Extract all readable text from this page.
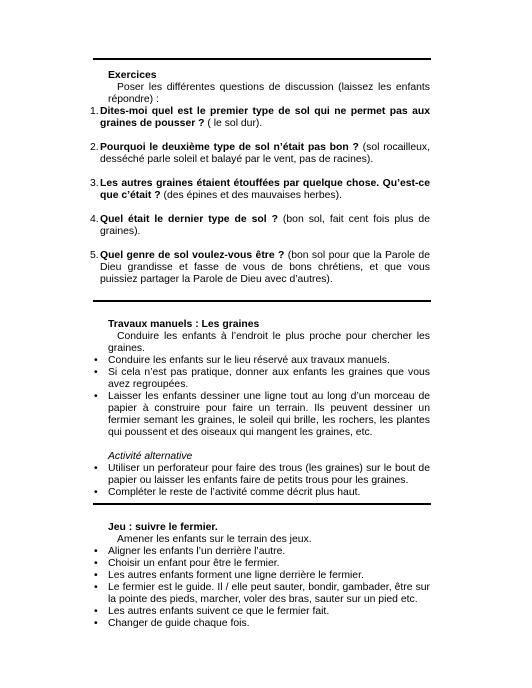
Exercices
Poser les différentes questions de discussion (laissez les enfants répondre) :
1. Dites-moi quel est le premier type de sol qui ne permet pas aux graines de pousser ? ( le sol dur).
2. Pourquoi le deuxième type de sol n’était pas bon ? (sol rocailleux, desséché parle soleil et balayé par le vent, pas de racines).
3. Les autres graines étaient étouffées par quelque chose. Qu’est-ce que c’était ? (des épines et des mauvaises herbes).
4. Quel était le dernier type de sol ? (bon sol, fait cent fois plus de graines).
5. Quel genre de sol voulez-vous être ? (bon sol pour que la Parole de Dieu grandisse et fasse de vous de bons chrétiens, et que vous puissiez partager la Parole de Dieu avec d’autres).
Travaux manuels : Les graines
Conduire les enfants à l’endroit le plus proche pour chercher les graines.
• Conduire les enfants sur le lieu réservé aux travaux manuels.
• Si cela n’est pas pratique, donner aux enfants les graines que vous avez regroupées.
• Laisser les enfants dessiner une ligne tout au long d’un morceau de papier à construire pour faire un terrain. Ils peuvent dessiner un fermier semant les graines, le soleil qui brille, les rochers, les plantes qui poussent et des oiseaux qui mangent les graines, etc.
Activité alternative
• Utiliser un perforateur pour faire des trous (les graines) sur le bout de papier ou laisser les enfants faire de petits trous pour les graines.
• Compléter le reste de l’activité comme décrit plus haut.
Jeu : suivre le fermier.
Amener les enfants sur le terrain des jeux.
• Aligner les enfants l’un derrière l’autre.
• Choisir un enfant pour être le fermier.
• Les autres enfants forment une ligne derrière le fermier.
• Le fermier est le guide. Il / elle peut sauter, bondir, gambader, être sur la pointe des pieds, marcher, voler des bras, sauter sur un pied etc.
• Les autres enfants suivent ce que le fermier fait.
• Changer de guide chaque fois.
